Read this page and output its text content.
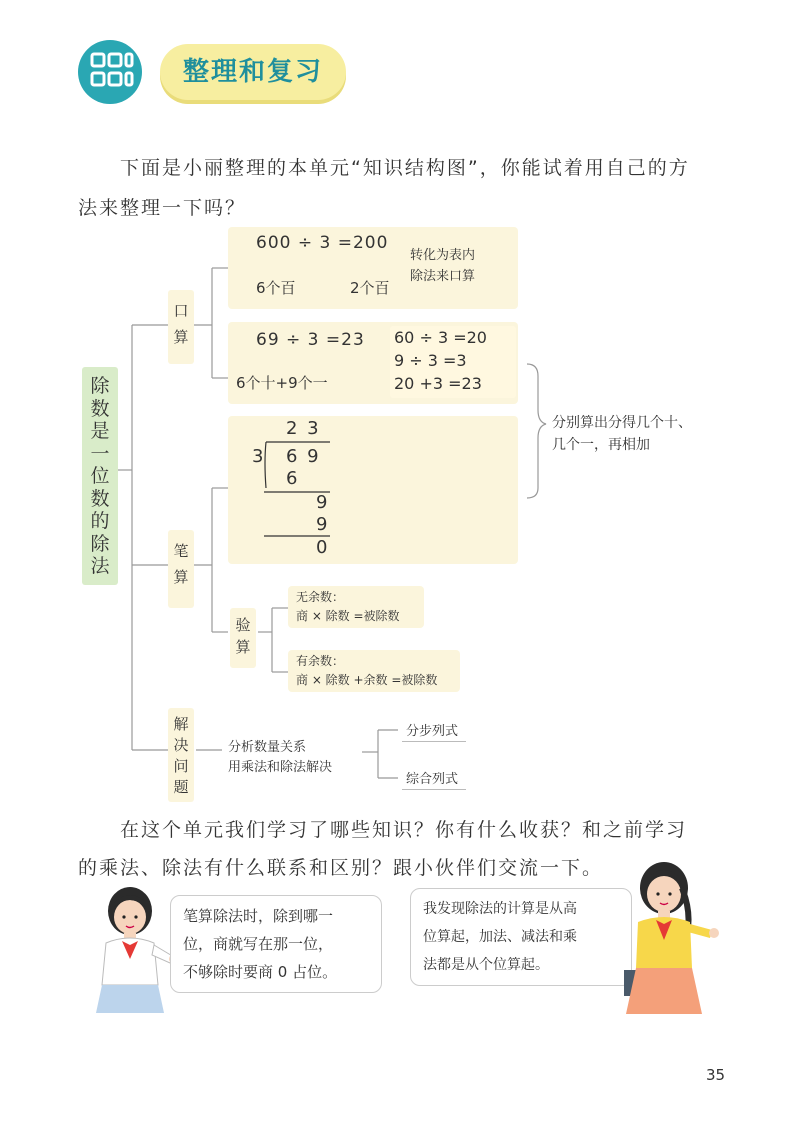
整理和复习
下面是小丽整理的本单元“知识结构图”，你能试着用自己的方
法来整理一下吗？
除
数
是
一
位
数
的
除
法
口
算
600 ÷ 3 =200
6个百	2个百
转化为表内
除法来口算
69 ÷ 3 =23
6个十+9个一
60 ÷ 3 =20
9 ÷ 3 =3
20 +3 =23
分别算出分得几个十、
几个一，再相加
笔
算
2 3
3 6 9
6
9
9
0
验
算
无余数：
商 × 除数 =被除数
有余数：
商 × 除数 +余数 =被除数
解
决
问
题
分析数量关系
用乘法和除法解决
分步列式
综合列式
在这个单元我们学习了哪些知识？你有什么收获？和之前学习
的乘法、除法有什么联系和区别？跟小伙伴们交流一下。
笔算除法时，除到哪一
位，商就写在那一位，
不够除时要商 0 占位。
我发现除法的计算是从高
位算起，加法、减法和乘
法都是从个位算起。
35
